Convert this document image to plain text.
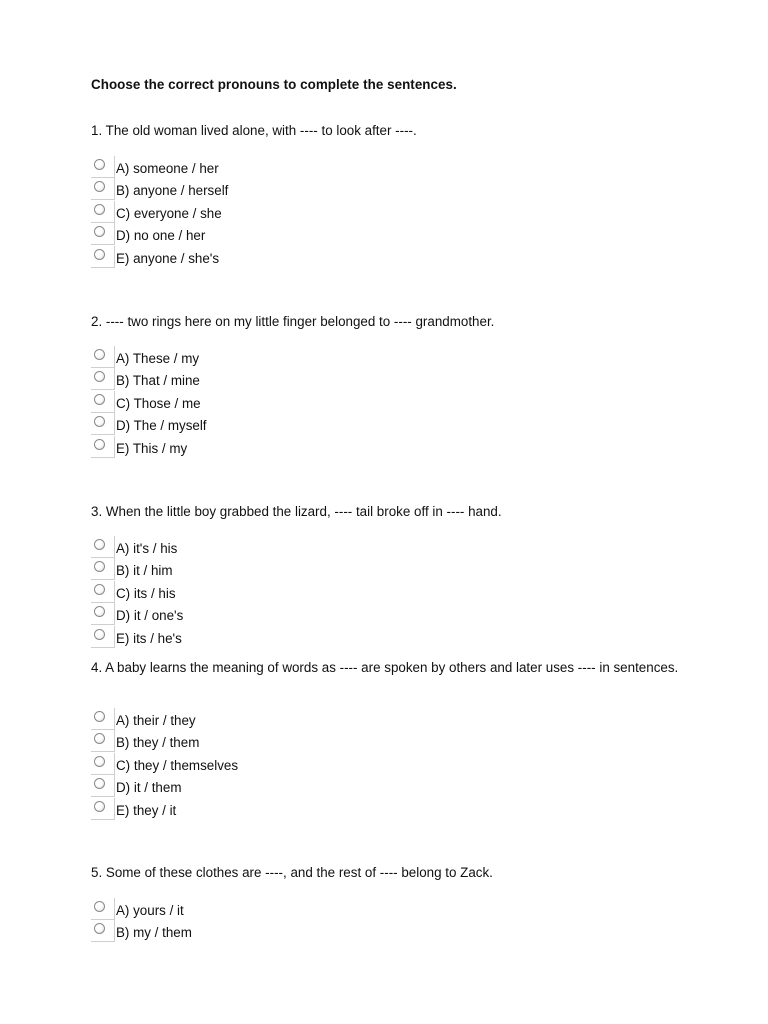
Choose the correct pronouns to complete the sentences.

1. The old woman lived alone, with ---- to look after ----.

A) someone / her
B) anyone / herself
C) everyone / she
D) no one / her
E) anyone / she's

2. ---- two rings here on my little finger belonged to ---- grandmother.

A) These / my
B) That / mine
C) Those / me
D) The / myself
E) This / my

3. When the little boy grabbed the lizard, ---- tail broke off in ---- hand.

A) it's / his
B) it / him
C) its / his
D) it / one's
E) its / he's

4. A baby learns the meaning of words as ---- are spoken by others and later uses ---- in sentences.

A) their / they
B) they / them
C) they / themselves
D) it / them
E) they / it

5. Some of these clothes are ----, and the rest of ---- belong to Zack.

A) yours / it
B) my / them
